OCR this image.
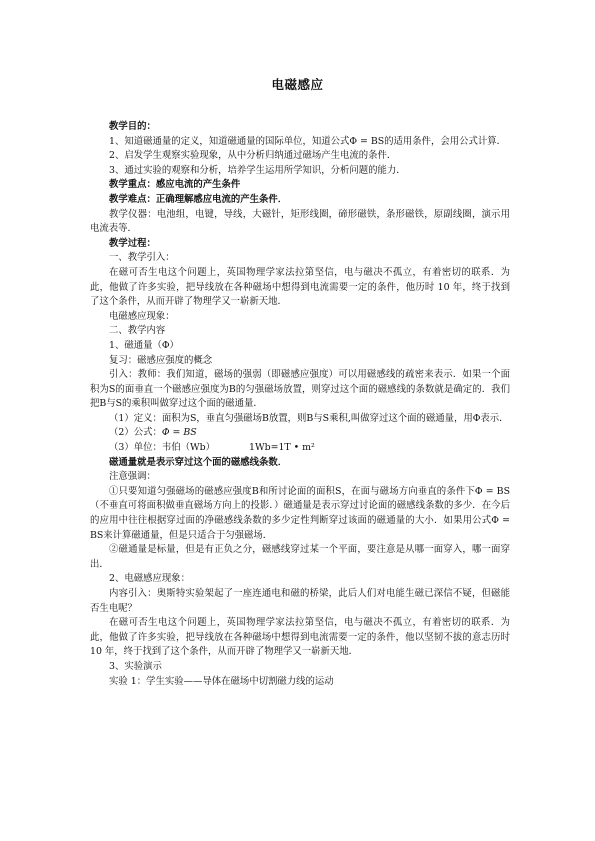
电磁感应

教学目的：

1、知道磁通量的定义，知道磁通量的国际单位，知道公式Φ = BS的适用条件，会用公式计算．

2、启发学生观察实验现象，从中分析归纳通过磁场产生电流的条件．

3、通过实验的观察和分析，培养学生运用所学知识，分析问题的能力．

教学重点：感应电流的产生条件

教学难点：正确理解感应电流的产生条件．

教学仪器：电池组，电键，导线，大磁针，矩形线圈，碲形磁铁，条形磁铁，原副线圈，演示用电流表等．

教学过程：

一、教学引入：

在磁可否生电这个问题上，英国物理学家法拉第坚信，电与磁决不孤立，有着密切的联系．为此，他做了许多实验，把导线放在各种磁场中想得到电流需要一定的条件，他历时 10 年，终于找到了这个条件，从而开辟了物理学又一崭新天地．

电磁感应现象：

二、教学内容

1、磁通量（Φ）

复习：磁感应强度的概念

引入：教师：我们知道，磁场的强弱（即磁感应强度）可以用磁感线的疏密来表示．如果一个面积为S的面垂直一个磁感应强度为B的匀强磁场放置，则穿过这个面的磁感线的条数就是确定的．我们把B与S的乘积叫做穿过这个面的磁通量．

（1）定义：面积为S，垂直匀强磁场B放置，则B与S乘积,叫做穿过这个面的磁通量，用Φ表示．

（2）公式：Φ = BS

（3）单位：韦伯（Wb）	1Wb=1T • m²

磁通量就是表示穿过这个面的磁感线条数．

注意强调：

①只要知道匀强磁场的磁感应强度B和所讨论面的面积S，在面与磁场方向垂直的条件下Φ = BS（不垂直可将面积做垂直磁场方向上的投影．）磁通量是表示穿过讨论面的磁感线条数的多少．在今后的应用中往往根据穿过面的净磁感线条数的多少定性判断穿过该面的磁通量的大小．如果用公式Φ = BS来计算磁通量，但是只适合于匀强磁场．

②磁通量是标量，但是有正负之分，磁感线穿过某一个平面，要注意是从哪一面穿入，哪一面穿出．

2、电磁感应现象：

内容引入：奥斯特实验架起了一座连通电和磁的桥梁，此后人们对电能生磁已深信不疑，但磁能否生电呢？

在磁可否生电这个问题上，英国物理学家法拉第坚信，电与磁决不孤立，有着密切的联系．为此，他做了许多实验，把导线放在各种磁场中想得到电流需要一定的条件，他以坚韧不拔的意志历时 10 年，终于找到了这个条件，从而开辟了物理学又一崭新天地．

3、实验演示

实验 1：学生实验——导体在磁场中切割磁力线的运动
